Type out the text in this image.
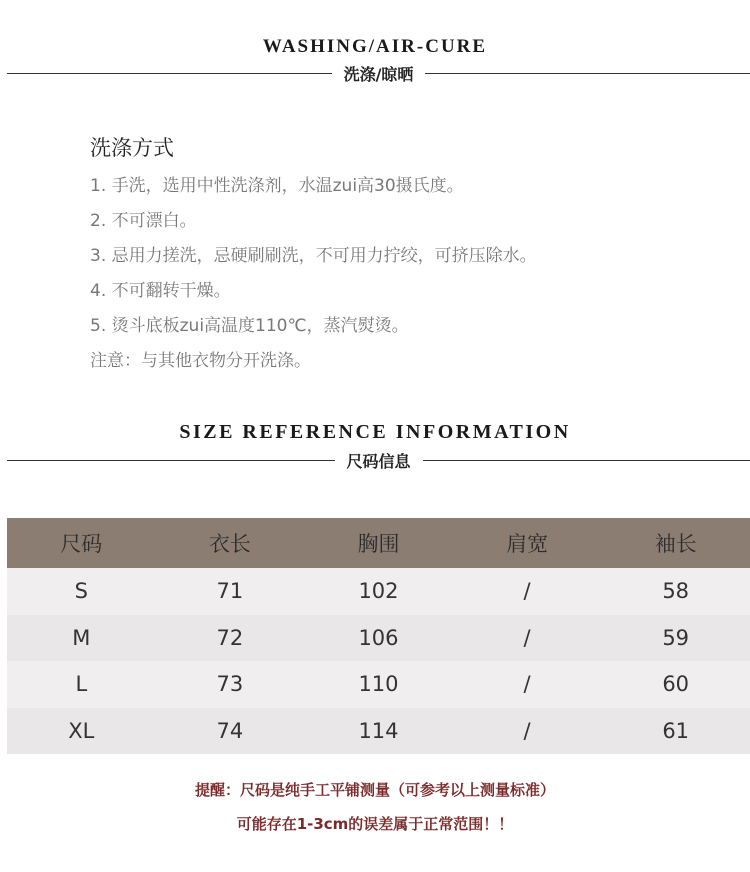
WASHING/AIR-CURE
洗涤/晾晒
洗涤方式

1. 手洗，选用中性洗涤剂，水温zui高30摄氏度。

2. 不可漂白。

3. 忌用力搓洗，忌硬刷刷洗，不可用力拧绞，可挤压除水。

4. 不可翻转干燥。

5. 烫斗底板zui高温度110℃，蒸汽熨烫。

注意：与其他衣物分开洗涤。

SIZE REFERENCE INFORMATION
尺码信息
尺码	衣长	胸围	肩宽	袖长
S	71	102	/	58
M	72	106	/	59
L	73	110	/	60
XL	74	114	/	61
提醒：尺码是纯手工平铺测量（可参考以上测量标准）
可能存在1-3cm的误差属于正常范围！！
